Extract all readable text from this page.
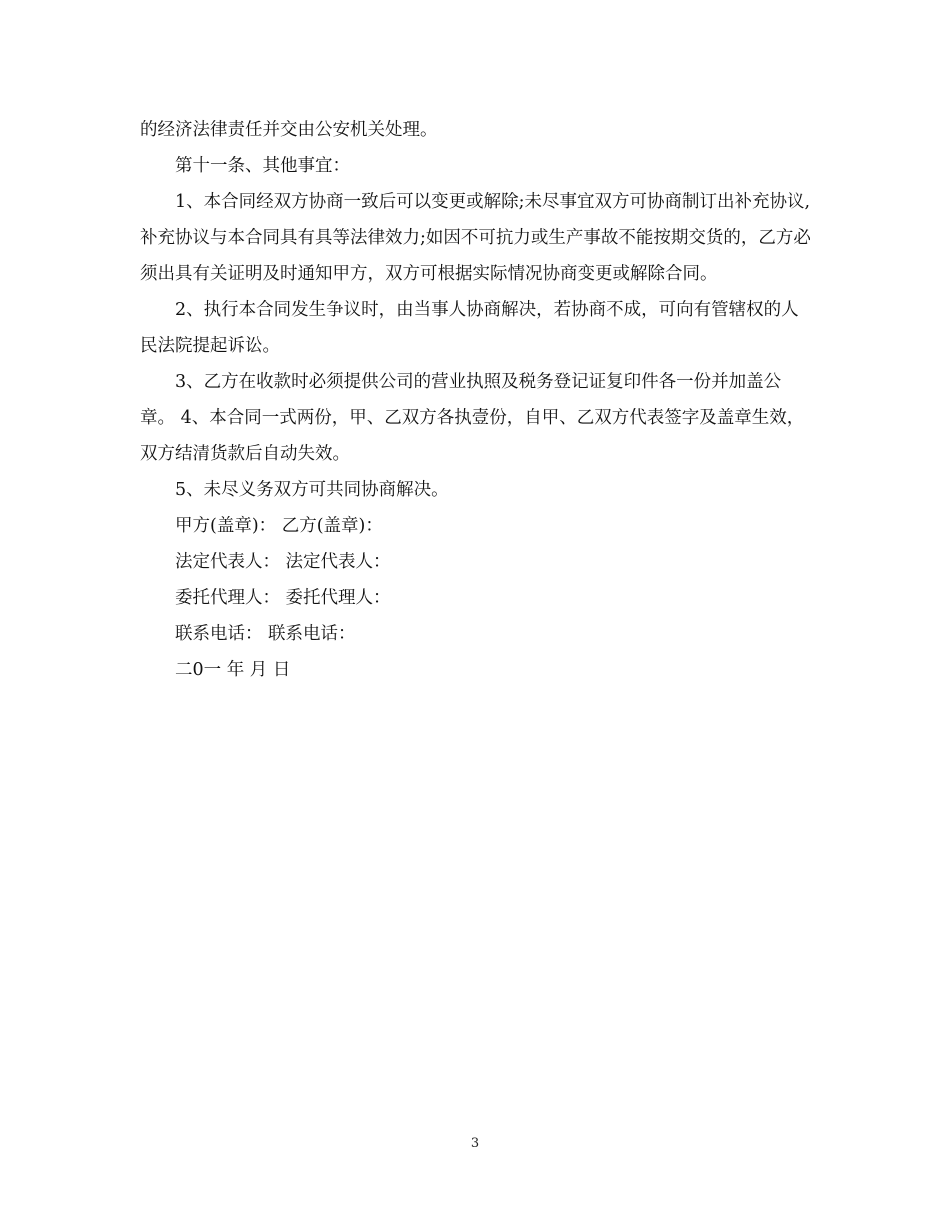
的经济法律责任并交由公安机关处理。

第十一条、其他事宜：

1、本合同经双方协商一致后可以变更或解除;未尽事宜双方可协商制订出补充协议,补充协议与本合同具有具等法律效力;如因不可抗力或生产事故不能按期交货的，乙方必须出具有关证明及时通知甲方，双方可根据实际情况协商变更或解除合同。

2、执行本合同发生争议时，由当事人协商解决，若协商不成，可向有管辖权的人民法院提起诉讼。

3、乙方在收款时必须提供公司的营业执照及税务登记证复印件各一份并加盖公章。 4、本合同一式两份，甲、乙双方各执壹份，自甲、乙双方代表签字及盖章生效，双方结清货款后自动失效。

5、未尽义务双方可共同协商解决。

甲方(盖章)： 乙方(盖章)：

法定代表人： 法定代表人：

委托代理人： 委托代理人：

联系电话： 联系电话：

二0一 年 月 日

3
